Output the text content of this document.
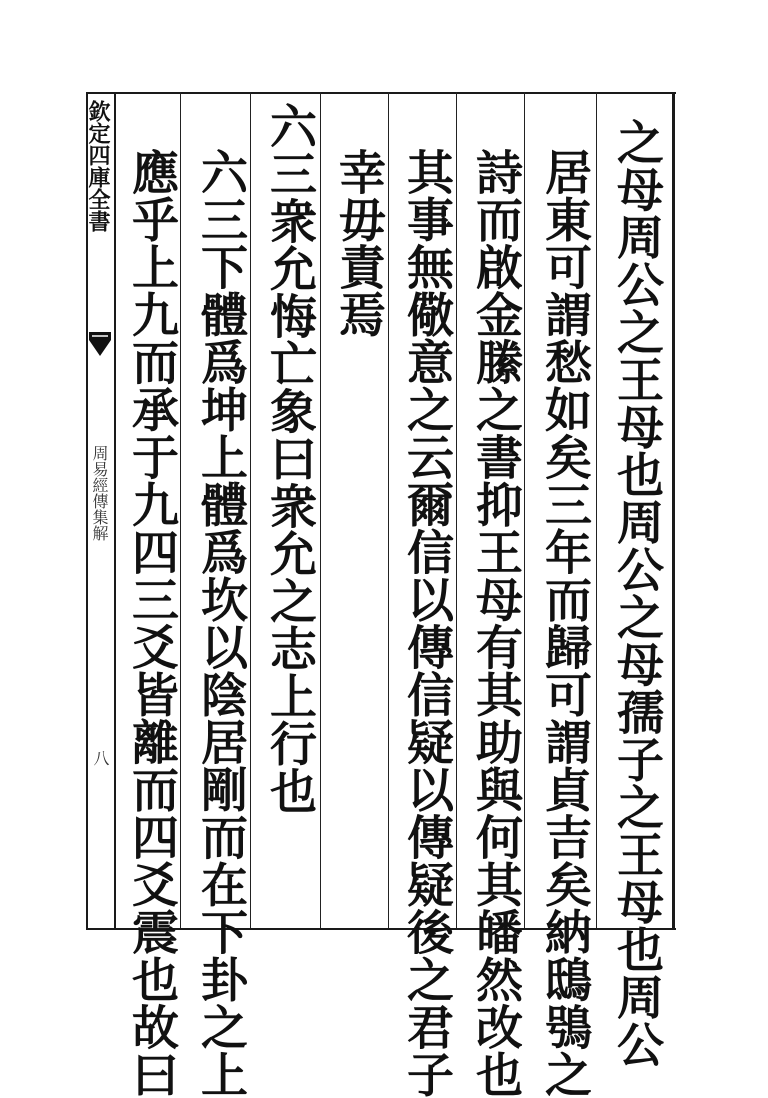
欽定四庫全書
周易經傳集解
八	之母周公之王母也周公之母孺子之王母也周公
居東可謂愁如矣三年而歸可謂貞吉矣納鴟鴞之
詩而啟金縢之書抑王母有其助與何其皤然改也
其事無儆意之云爾信以傳信疑以傳疑後之君子
幸毋責焉
六三衆允悔亡象曰衆允之志上行也
六三下體爲坤上體爲坎以陰居剛而在下卦之上
應乎上九而承于九四三爻皆離而四爻震也故曰
